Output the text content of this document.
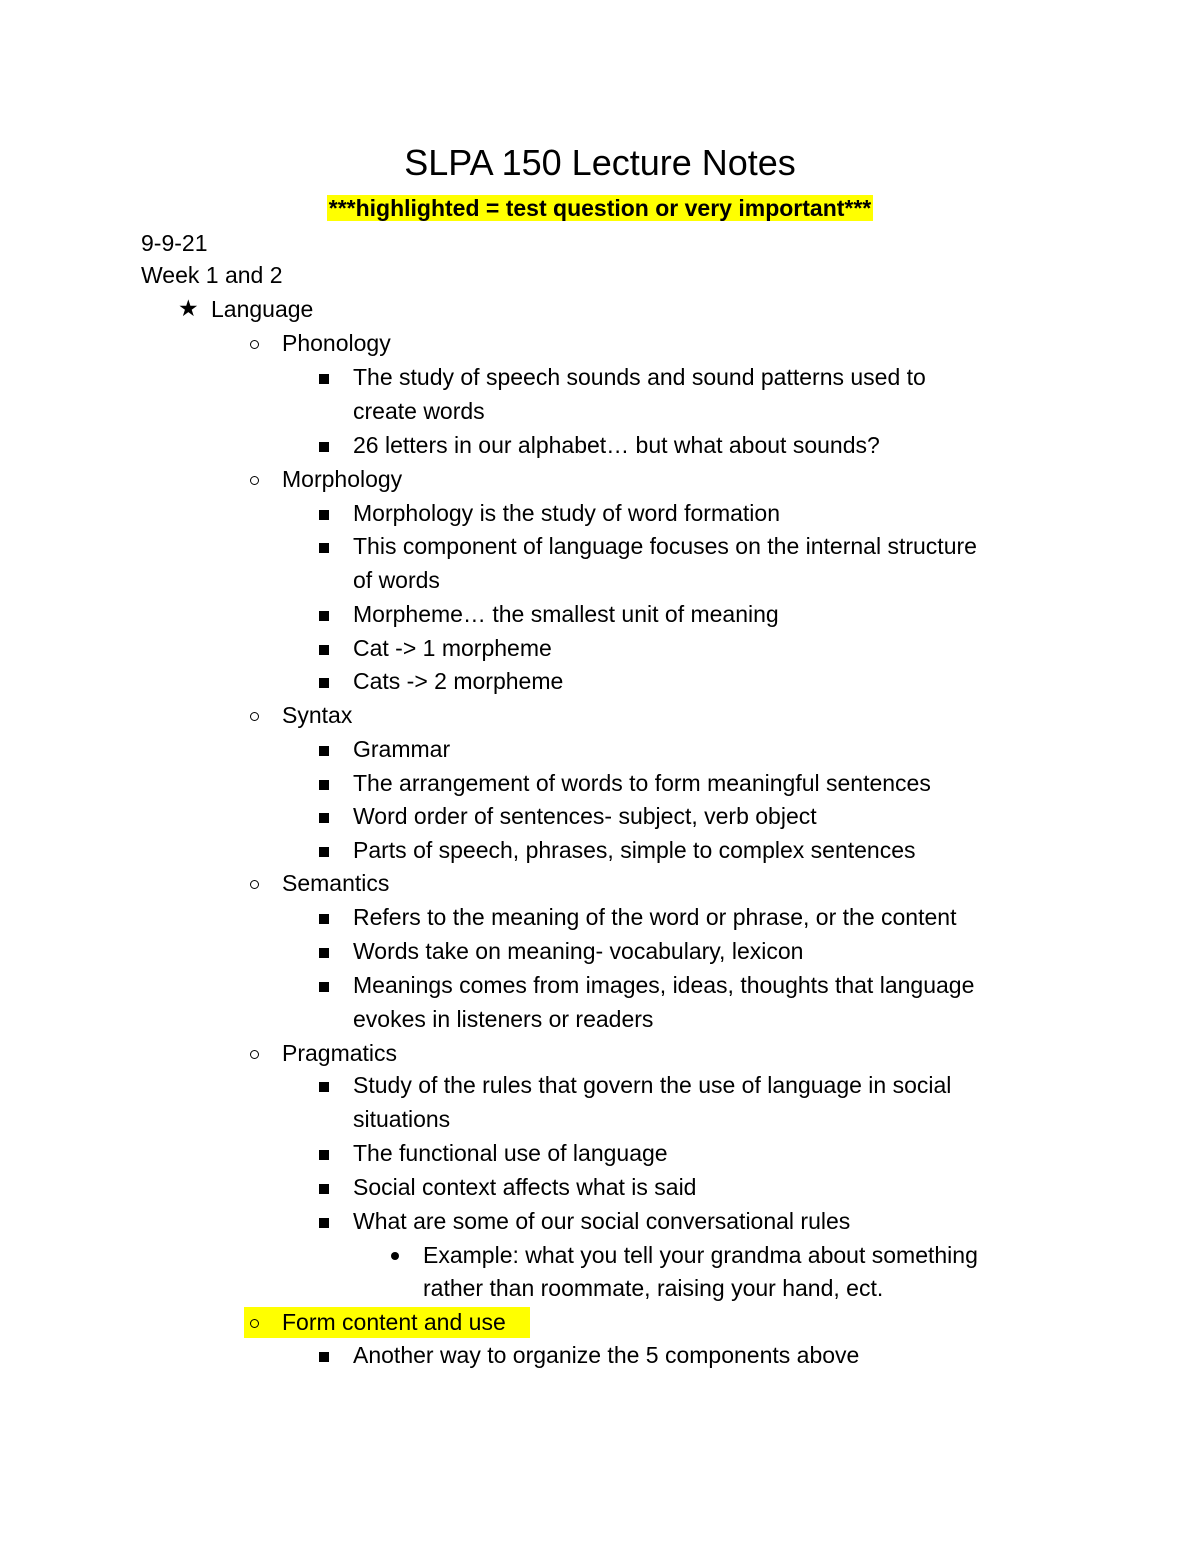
SLPA 150 Lecture Notes
***highlighted = test question or very important***
9-9-21
Week 1 and 2
★ Language
Phonology
The study of speech sounds and sound patterns used to
create words
26 letters in our alphabet… but what about sounds?
Morphology
Morphology is the study of word formation
This component of language focuses on the internal structure
of words
Morpheme… the smallest unit of meaning
Cat -> 1 morpheme
Cats -> 2 morpheme
Syntax
Grammar
The arrangement of words to form meaningful sentences
Word order of sentences- subject, verb object
Parts of speech, phrases, simple to complex sentences
Semantics
Refers to the meaning of the word or phrase, or the content
Words take on meaning- vocabulary, lexicon
Meanings comes from images, ideas, thoughts that language
evokes in listeners or readers
Pragmatics
Study of the rules that govern the use of language in social
situations
The functional use of language
Social context affects what is said
What are some of our social conversational rules
Example: what you tell your grandma about something
rather than roommate, raising your hand, ect.
Form content and use
Another way to organize the 5 components above
